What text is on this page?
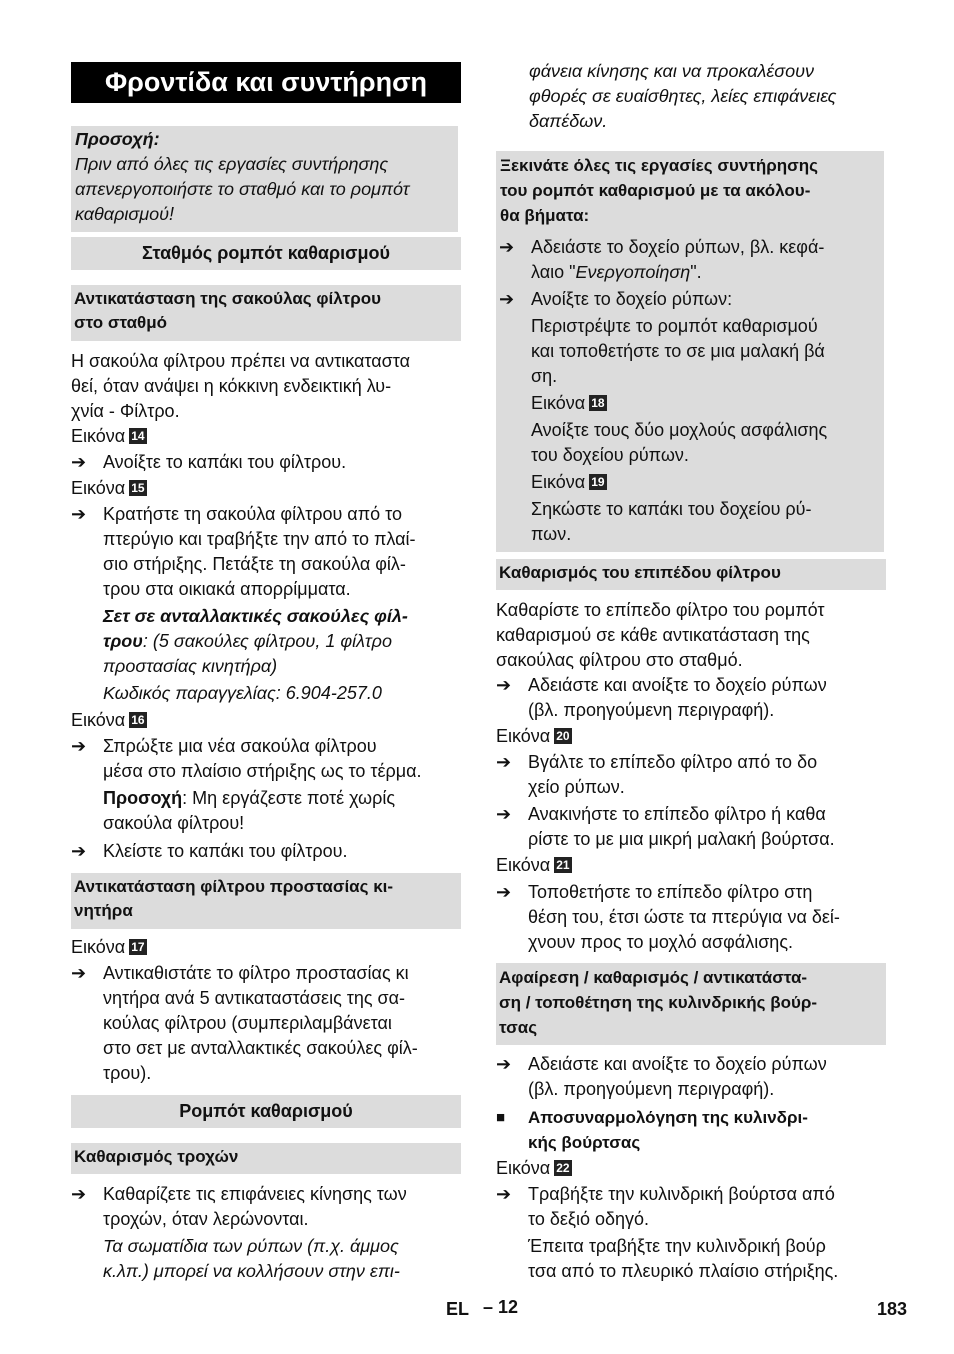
Φροντίδα και συντήρηση
Προσοχή:
Πριν από όλες τις εργασίες συντήρησης
απενεργοποιήστε το σταθμό και το ρομπότ
καθαρισμού!
Σταθμός ρομπότ καθαρισμού
Αντικατάσταση της σακούλας φίλτρου
στο σταθμό
Η σακούλα φίλτρου πρέπει να αντικαταστα
θεί, όταν ανάψει η κόκκινη ενδεικτική λυ-
χνία - Φίλτρο.
Εικόνα 14
➔ Ανοίξτε το καπάκι του φίλτρου.
Εικόνα 15
➔ Κρατήστε τη σακούλα φίλτρου από το
πτερύγιο και τραβήξτε την από το πλαί-
σιο στήριξης. Πετάξτε τη σακούλα φίλ-
τρου στα οικιακά απορρίμματα.
Σετ σε ανταλλακτικές σακούλες φίλ-
τρου: (5 σακούλες φίλτρου, 1 φίλτρο
προστασίας κινητήρα)
Κωδικός παραγγελίας: 6.904-257.0
Εικόνα 16
➔ Σπρώξτε μια νέα σακούλα φίλτρου
μέσα στο πλαίσιο στήριξης ως το τέρμα.
Προσοχή: Μη εργάζεστε ποτέ χωρίς
σακούλα φίλτρου!
➔ Κλείστε το καπάκι του φίλτρου.
Αντικατάσταση φίλτρου προστασίας κι-
νητήρα
Εικόνα 17
➔ Αντικαθιστάτε το φίλτρο προστασίας κι
νητήρα ανά 5 αντικαταστάσεις της σα-
κούλας φίλτρου (συμπεριλαμβάνεται
στο σετ με ανταλλακτικές σακούλες φίλ-
τρου).
Ρομπότ καθαρισμού
Καθαρισμός τροχών
➔ Καθαρίζετε τις επιφάνειες κίνησης των
τροχών, όταν λερώνονται.
Τα σωματίδια των ρύπων (π.χ. άμμος
κ.λπ.) μπορεί να κολλήσουν στην επι-
φάνεια κίνησης και να προκαλέσουν
φθορές σε ευαίσθητες, λείες επιφάνειες
δαπέδων.
Ξεκινάτε όλες τις εργασίες συντήρησης
του ρομπότ καθαρισμού με τα ακόλου-
θα βήματα:
➔ Αδειάστε το δοχείο ρύπων, βλ. κεφά-
λαιο "Ενεργοποίηση".
➔ Ανοίξτε το δοχείο ρύπων:
Περιστρέψτε το ρομπότ καθαρισμού
και τοποθετήστε το σε μια μαλακή βά
ση.
Εικόνα 18
Ανοίξτε τους δύο μοχλούς ασφάλισης
του δοχείου ρύπων.
Εικόνα 19
Σηκώστε το καπάκι του δοχείου ρύ-
πων.
Καθαρισμός του επιπέδου φίλτρου
Καθαρίστε το επίπεδο φίλτρο του ρομπότ
καθαρισμού σε κάθε αντικατάσταση της
σακούλας φίλτρου στο σταθμό.
➔ Αδειάστε και ανοίξτε το δοχείο ρύπων
(βλ. προηγούμενη περιγραφή).
Εικόνα 20
➔ Βγάλτε το επίπεδο φίλτρο από το δο
χείο ρύπων.
➔ Ανακινήστε το επίπεδο φίλτρο ή καθα
ρίστε το με μια μικρή μαλακή βούρτσα.
Εικόνα 21
➔ Τοποθετήστε το επίπεδο φίλτρο στη
θέση του, έτσι ώστε τα πτερύγια να δεί-
χνουν προς το μοχλό ασφάλισης.
Αφαίρεση / καθαρισμός / αντικατάστα-
ση / τοποθέτηση της κυλινδρικής βούρ-
τσας
➔ Αδειάστε και ανοίξτε το δοχείο ρύπων
(βλ. προηγούμενη περιγραφή).
■	Αποσυναρμολόγηση της κυλινδρι-
κής βούρτσας
Εικόνα 22
➔ Τραβήξτε την κυλινδρική βούρτσα από
το δεξιό οδηγό.
Έπειτα τραβήξτε την κυλινδρική βούρ
τσα από το πλευρικό πλαίσιο στήριξης.
EL – 12	183
